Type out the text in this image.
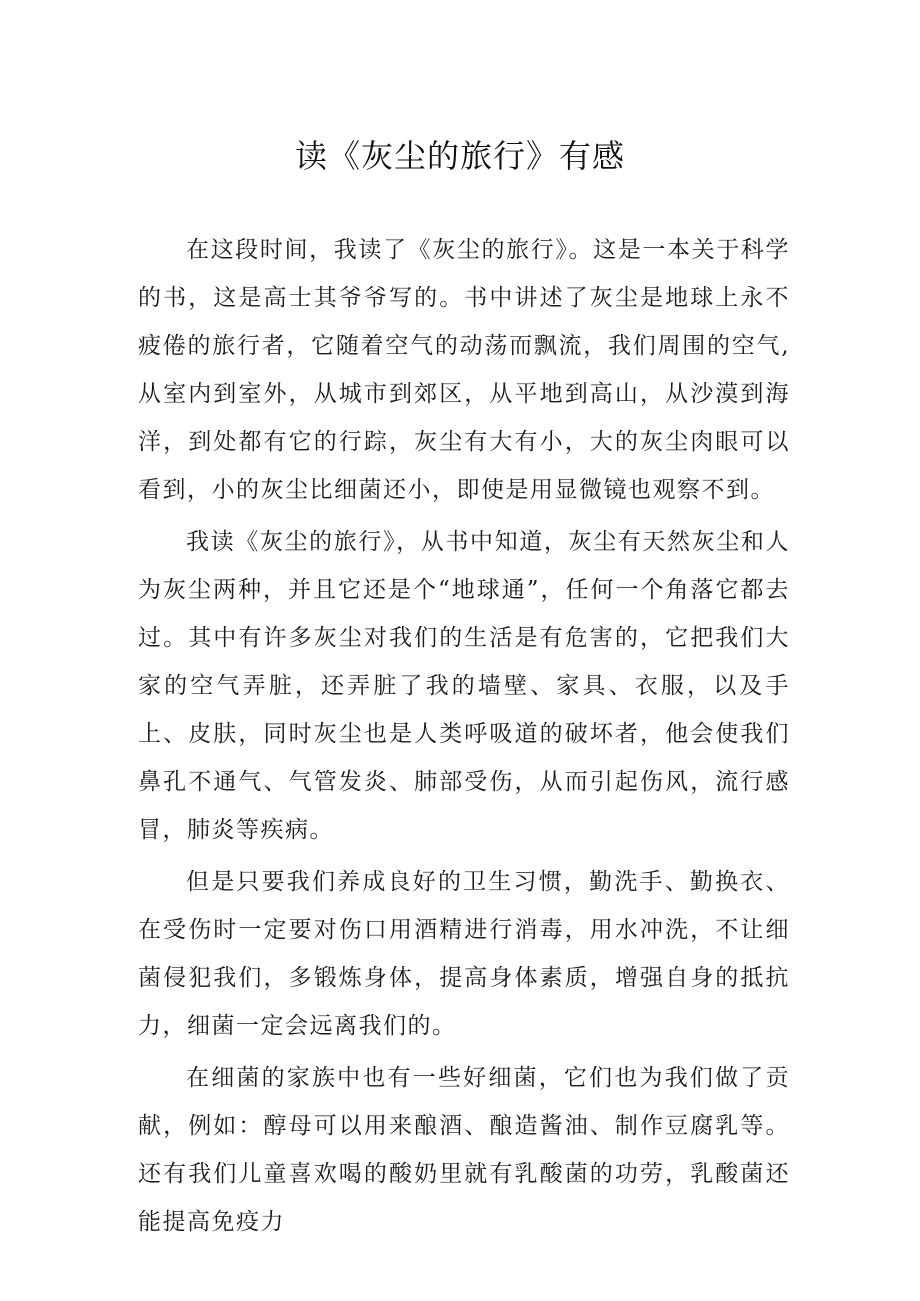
读《灰尘的旅行》有感

在这段时间，我读了《灰尘的旅行》。这是一本关于科学的书，这是高士其爷爷写的。书中讲述了灰尘是地球上永不疲倦的旅行者，它随着空气的动荡而飘流，我们周围的空气,从室内到室外，从城市到郊区，从平地到高山，从沙漠到海洋，到处都有它的行踪，灰尘有大有小，大的灰尘肉眼可以看到，小的灰尘比细菌还小，即使是用显微镜也观察不到。

我读《灰尘的旅行》，从书中知道，灰尘有天然灰尘和人为灰尘两种，并且它还是个“地球通”，任何一个角落它都去过。其中有许多灰尘对我们的生活是有危害的，它把我们大家的空气弄脏，还弄脏了我的墙壁、家具、衣服，以及手上、皮肤，同时灰尘也是人类呼吸道的破坏者，他会使我们鼻孔不通气、气管发炎、肺部受伤，从而引起伤风，流行感冒，肺炎等疾病。

但是只要我们养成良好的卫生习惯，勤洗手、勤换衣、在受伤时一定要对伤口用酒精进行消毒，用水冲洗，不让细菌侵犯我们，多锻炼身体，提高身体素质，增强自身的抵抗力，细菌一定会远离我们的。

在细菌的家族中也有一些好细菌，它们也为我们做了贡献，例如：醇母可以用来酿酒、酿造酱油、制作豆腐乳等。还有我们儿童喜欢喝的酸奶里就有乳酸菌的功劳，乳酸菌还能提高免疫力
